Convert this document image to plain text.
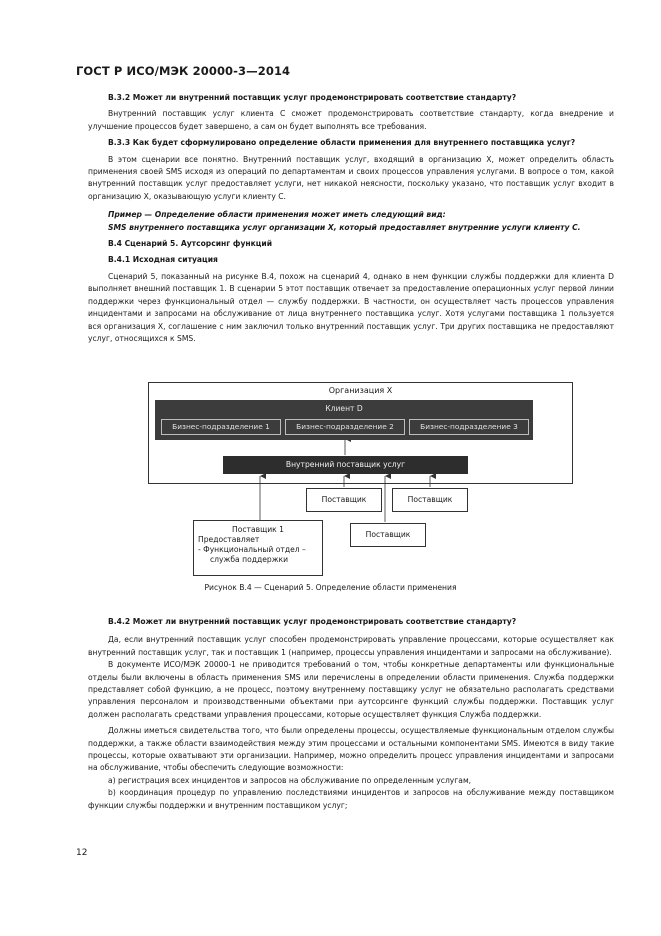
ГОСТ Р ИСО/МЭК 20000-3—2014

В.3.2 Может ли внутренний поставщик услуг продемонстрировать соответствие стандарту?

Внутренний поставщик услуг клиента С сможет продемонстрировать соответствие стандарту, когда внедрение и улучшение процессов будет завершено, а сам он будет выполнять все требования.

В.3.3 Как будет сформулировано определение области применения для внутреннего поставщика услуг?

В этом сценарии все понятно. Внутренний поставщик услуг, входящий в организацию X, может определить область применения своей SMS исходя из операций по департаментам и своих процессов управления услугами. В вопросе о том, какой внутренний поставщик услуг предоставляет услуги, нет никакой неясности, поскольку указано, что поставщик услуг входит в организацию X, оказывающую услуги клиенту С.

Пример — Определение области применения может иметь следующий вид:

SMS внутреннего поставщика услуг организации X, который предоставляет внутренние услуги клиенту С.

В.4 Сценарий 5. Аутсорсинг функций

В.4.1 Исходная ситуация

Сценарий 5, показанный на рисунке В.4, похож на сценарий 4, однако в нем функции службы поддержки для клиента D выполняет внешний поставщик 1. В сценарии 5 этот поставщик отвечает за предоставление операционных услуг первой линии поддержки через функциональный отдел — службу поддержки. В частности, он осуществляет часть процессов управления инцидентами и запросами на обслуживание от лица внутреннего поставщика услуг. Хотя услугами поставщика 1 пользуется вся организация X, соглашение с ним заключил только внутренний поставщик услуг. Три других поставщика не предоставляют услуг, относящихся к SMS.

Организация X
Клиент D
Бизнес-подразделение 1	Бизнес-подразделение 2	Бизнес-подразделение 3
Внутренний поставщик услуг
Поставщик	Поставщик
Поставщик
Поставщик 1
Предоставляет
- Функциональный отдел –
служба поддержки
Рисунок В.4 — Сценарий 5. Определение области применения

В.4.2 Может ли внутренний поставщик услуг продемонстрировать соответствие стандарту?

Да, если внутренний поставщик услуг способен продемонстрировать управление процессами, которые осуществляет как внутренний поставщик услуг, так и поставщик 1 (например, процессы управления инцидентами и запросами на обслуживание).

В документе ИСО/МЭК 20000-1 не приводится требований о том, чтобы конкретные департаменты или функциональные отделы были включены в область применения SMS или перечислены в определении области применения. Служба поддержки представляет собой функцию, а не процесс, поэтому внутреннему поставщику услуг не обязательно располагать средствами управления персоналом и производственными объектами при аутсорсинге функций службы поддержки. Поставщик услуг должен располагать средствами управления процессами, которые осуществляет функция Служба поддержки.

Должны иметься свидетельства того, что были определены процессы, осуществляемые функциональным отделом службы поддержки, а также области взаимодействия между этим процессами и остальными компонентами SMS. Имеются в виду такие процессы, которые охватывают эти организации. Например, можно определить процесс управления инцидентами и запросами на обслуживание, чтобы обеспечить следующие возможности:

а) регистрация всех инцидентов и запросов на обслуживание по определенным услугам,

b) координация процедур по управлению последствиями инцидентов и запросов на обслуживание между поставщиком функции службы поддержки и внутренним поставщиком услуг;

12
